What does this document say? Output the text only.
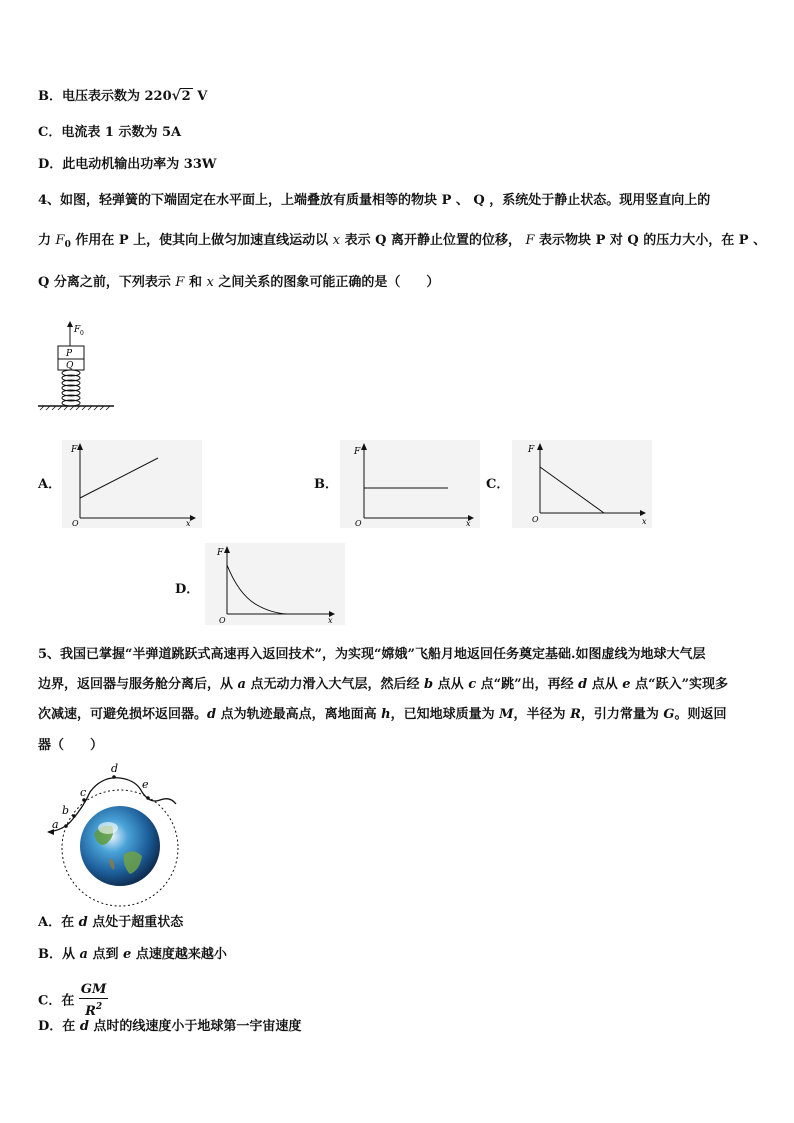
B．电压表示数为 220 √ 2 V
C．电流表 1 示数为 5A
D．此电动机输出功率为 33W
4、如图，轻弹簧的下端固定在水平面上，上端叠放有质量相等的物块 P 、 Q ，系统处于静止状态。现用竖直向上的
力 $F_0$ 作用在 P 上，使其向上做匀加速直线运动以 x 表示 Q 离开静止位置的位移， F 表示物块 P 对 Q 的压力大小，在 P 、
Q 分离之前，下列表示 F 和 x 之间关系的图象可能正确的是（　　）
F 0
P
Q
A．
F
x
O
B．
F
x
O
C．
F
x
O
D．
F
x
O
5、我国已掌握“半弹道跳跃式高速再入返回技术”，为实现“嫦娥”飞船月地返回任务奠定基础.如图虚线为地球大气层
边界，返回器与服务舱分离后，从 a 点无动力滑入大气层，然后经 b 点从 c 点“跳”出，再经 d 点从 e 点“跃入”实现多
次减速，可避免损坏返回器。d 点为轨迹最高点，离地面高 h，已知地球质量为 M，半径为 R，引力常量为 G。则返回
器（　　）
a
b
c
d
e
A．在 d 点处于超重状态
B．从 a 点到 e 点速度越来越小
C．在 $\frac{GM}{R^2}$
D．在 d 点时的线速度小于地球第一宇宙速度
